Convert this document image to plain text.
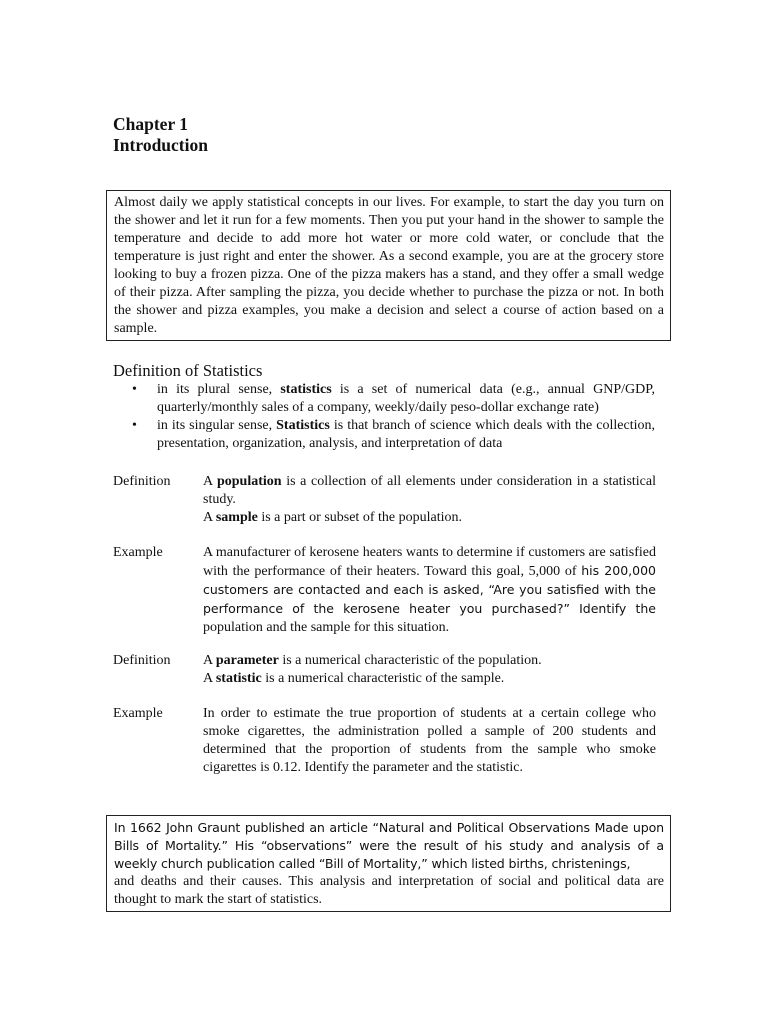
Chapter 1
Introduction

Almost daily we apply statistical concepts in our lives. For example, to start the day you turn on the shower and let it run for a few moments. Then you put your hand in the shower to sample the temperature and decide to add more hot water or more cold water, or conclude that the temperature is just right and enter the shower. As a second example, you are at the grocery store looking to buy a frozen pizza. One of the pizza makers has a stand, and they offer a small wedge of their pizza. After sampling the pizza, you decide whether to purchase the pizza or not. In both the shower and pizza examples, you make a decision and select a course of action based on a sample.

Definition of Statistics
• in its plural sense, statistics is a set of numerical data (e.g., annual GNP/GDP, quarterly/monthly sales of a company, weekly/daily peso-dollar exchange rate)
• in its singular sense, Statistics is that branch of science which deals with the collection, presentation, organization, analysis, and interpretation of data
Definition A population is a collection of all elements under consideration in a statistical study.

A sample is a part or subset of the population.

Example	A manufacturer of kerosene heaters wants to determine if customers are satisfied with the performance of their heaters. Toward this goal, 5,000 of his 200,000 customers are contacted and each is asked, “Are you satisfied with the performance of the kerosene heater you purchased?” Identify the population and the sample for this situation.

Definition A parameter is a numerical characteristic of the population.

A statistic is a numerical characteristic of the sample.

Example	In order to estimate the true proportion of students at a certain college who smoke cigarettes, the administration polled a sample of 200 students and determined that the proportion of students from the sample who smoke cigarettes is 0.12. Identify the parameter and the statistic.

In 1662 John Graunt published an article “Natural and Political Observations Made upon Bills of Mortality.” His “observations” were the result of his study and analysis of a weekly church publication called “Bill of Mortality,” which listed births, christenings,

and deaths and their causes. This analysis and interpretation of social and political data are thought to mark the start of statistics.
